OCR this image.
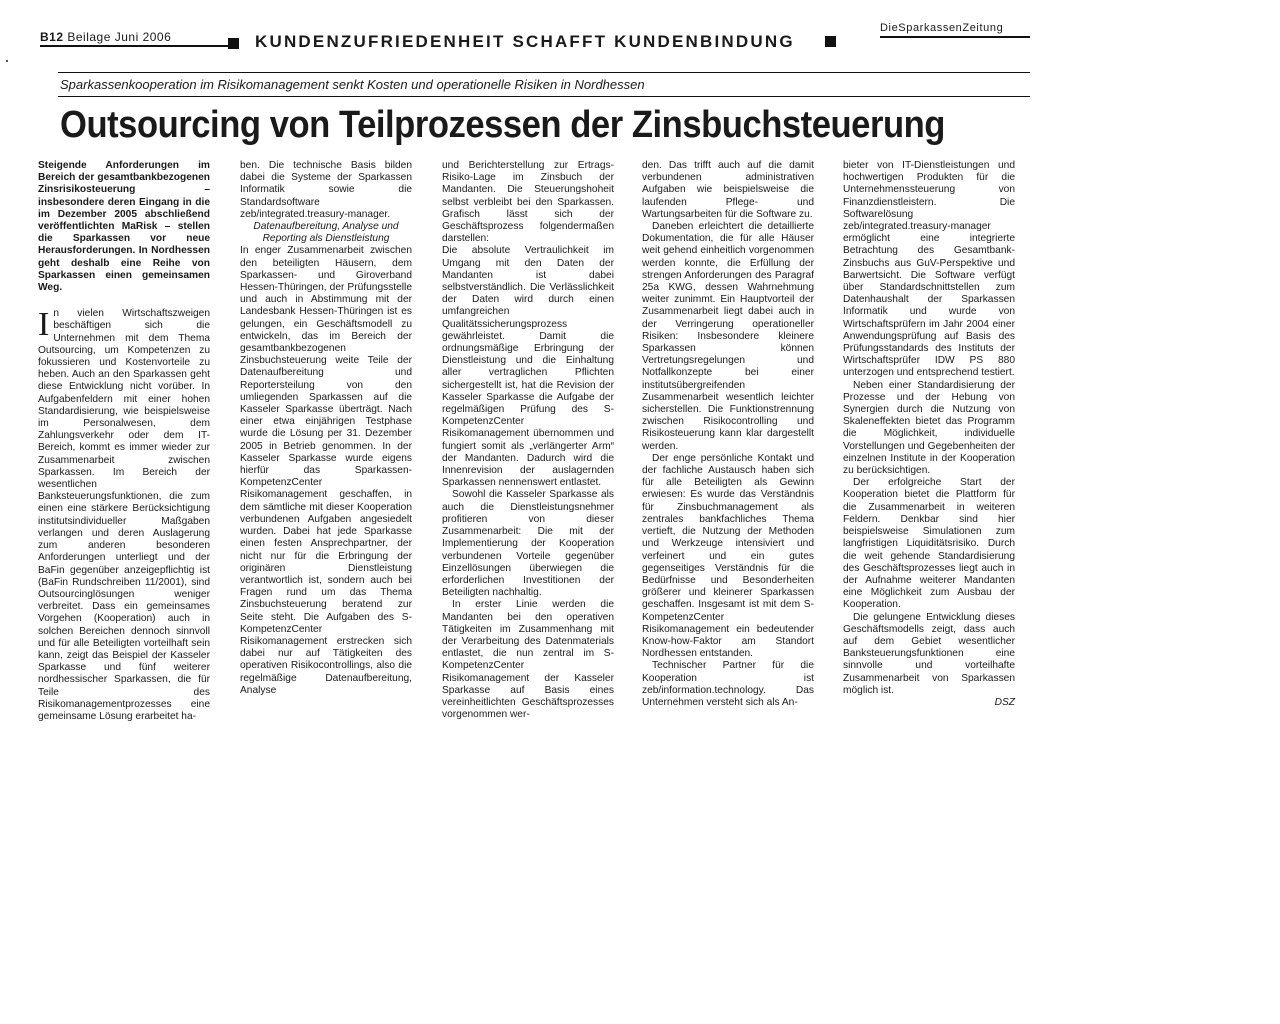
B12 Beilage Juni 2006	KUNDENZUFRIEDENHEIT SCHAFFT KUNDENBINDUNG
DieSparkassenZeitung
Sparkassenkooperation im Risikomanagement senkt Kosten und operationelle Risiken in Nordhessen
Outsourcing von Teilprozessen der Zinsbuchsteuerung

Steigende Anforderungen im Bereich der gesamtbankbezogenen Zinsrisikosteuerung – insbesondere deren Eingang in die im Dezember 2005 abschließend veröffentlichten MaRisk – stellen die Sparkassen vor neue Herausforderungen. In Nordhessen geht deshalb eine Reihe von Sparkassen einen gemeinsamen Weg.

In vielen Wirtschaftszweigen beschäftigen sich die Unternehmen mit dem Thema Outsourcing, um Kompetenzen zu fokussieren und Kostenvorteile zu heben. Auch an den Sparkassen geht diese Entwicklung nicht vorüber. In Aufgabenfeldern mit einer hohen Standardisierung, wie beispielsweise im Personalwesen, dem Zahlungsverkehr oder dem IT-Bereich, kommt es immer wieder zur Zusammenarbeit zwischen Sparkassen. Im Bereich der wesentlichen Banksteuerungsfunktionen, die zum einen eine stärkere Berücksichtigung institutsindividueller Maßgaben verlangen und deren Auslagerung zum anderen besonderen Anforderungen unterliegt und der BaFin gegenüber anzeigepflichtig ist (BaFin Rundschreiben 11/2001), sind Outsourcinglösungen weniger verbreitet. Dass ein gemeinsames Vorgehen (Kooperation) auch in solchen Bereichen dennoch sinnvoll und für alle Beteiligten vorteilhaft sein kann, zeigt das Beispiel der Kasseler Sparkasse und fünf weiterer nordhessischer Sparkassen, die für Teile des Risikomanagementprozesses eine gemeinsame Lösung erarbeitet ha-

ben. Die technische Basis bilden dabei die Systeme der Sparkassen Informatik sowie die Standardsoftware zeb/integrated.treasury-manager.

Datenaufbereitung, Analyse und Reporting als Dienstleistung

In enger Zusammenarbeit zwischen den beteiligten Häusern, dem Sparkassen- und Giroverband Hessen-Thüringen, der Prüfungsstelle und auch in Abstimmung mit der Landesbank Hessen-Thüringen ist es gelungen, ein Geschäftsmodell zu entwickeln, das im Bereich der gesamtbankbezogenen Zinsbuchsteuerung weite Teile der Datenaufbereitung und Reportersteilung von den umliegenden Sparkassen auf die Kasseler Sparkasse überträgt. Nach einer etwa einjährigen Testphase wurde die Lösung per 31. Dezember 2005 in Betrieb genommen. In der Kasseler Sparkasse wurde eigens hierfür das Sparkassen-KompetenzCenter Risikomanagement geschaffen, in dem sämtliche mit dieser Kooperation verbundenen Aufgaben angesiedelt wurden. Dabei hat jede Sparkasse einen festen Ansprechpartner, der nicht nur für die Erbringung der originären Dienstleistung verantwortlich ist, sondern auch bei Fragen rund um das Thema Zinsbuchsteuerung beratend zur Seite steht. Die Aufgaben des S-KompetenzCenter Risikomanagement erstrecken sich dabei nur auf Tätigkeiten des operativen Risikocontrollings, also die regelmäßige Datenaufbereitung, Analyse

und Berichterstellung zur Ertrags-Risiko-Lage im Zinsbuch der Mandanten. Die Steuerungshoheit selbst verbleibt bei den Sparkassen. Grafisch lässt sich der Geschäftsprozess folgendermaßen darstellen:

Die absolute Vertraulichkeit im Umgang mit den Daten der Mandanten ist dabei selbstverständlich. Die Verlässlichkeit der Daten wird durch einen umfangreichen Qualitätssicherungsprozess gewährleistet. Damit die ordnungsmäßige Erbringung der Dienstleistung und die Einhaltung aller vertraglichen Pflichten sichergestellt ist, hat die Revision der Kasseler Sparkasse die Aufgabe der regelmäßigen Prüfung des S-KompetenzCenter Risikomanagement übernommen und fungiert somit als „verlängerter Arm“ der Mandanten. Dadurch wird die Innenrevision der auslagernden Sparkassen nennenswert entlastet.

Sowohl die Kasseler Sparkasse als auch die Dienstleistungsnehmer profitieren von dieser Zusammenarbeit: Die mit der Implementierung der Kooperation verbundenen Vorteile gegenüber Einzellösungen überwiegen die erforderlichen Investitionen der Beteiligten nachhaltig.

In erster Linie werden die Mandanten bei den operativen Tätigkeiten im Zusammenhang mit der Verarbeitung des Datenmaterials entlastet, die nun zentral im S-KompetenzCenter Risikomanagement der Kasseler Sparkasse auf Basis eines vereinheitlichten Geschäftsprozesses vorgenommen wer-

den. Das trifft auch auf die damit verbundenen administrativen Aufgaben wie beispielsweise die laufenden Pflege- und Wartungsarbeiten für die Software zu.

Daneben erleichtert die detaillierte Dokumentation, die für alle Häuser weit gehend einheitlich vorgenommen werden konnte, die Erfüllung der strengen Anforderungen des Paragraf 25a KWG, dessen Wahrnehmung weiter zunimmt. Ein Hauptvorteil der Zusammenarbeit liegt dabei auch in der Verringerung operationeller Risiken: Insbesondere kleinere Sparkassen können Vertretungsregelungen und Notfallkonzepte bei einer institutsübergreifenden Zusammenarbeit wesentlich leichter sicherstellen. Die Funktionstrennung zwischen Risikocontrolling und Risikosteuerung kann klar dargestellt werden.

Der enge persönliche Kontakt und der fachliche Austausch haben sich für alle Beteiligten als Gewinn erwiesen: Es wurde das Verständnis für Zinsbuchmanagement als zentrales bankfachliches Thema vertieft, die Nutzung der Methoden und Werkzeuge intensiviert und verfeinert und ein gutes gegenseitiges Verständnis für die Bedürfnisse und Besonderheiten größerer und kleinerer Sparkassen geschaffen. Insgesamt ist mit dem S-KompetenzCenter Risikomanagement ein bedeutender Know-how-Faktor am Standort Nordhessen entstanden.

Technischer Partner für die Kooperation ist zeb/information.technology. Das Unternehmen versteht sich als An-

bieter von IT-Dienstleistungen und hochwertigen Produkten für die Unternehmenssteuerung von Finanzdienstleistern. Die Softwarelösung zeb/integrated.treasury-manager ermöglicht eine integrierte Betrachtung des Gesamtbank-Zinsbuchs aus GuV-Perspektive und Barwertsicht. Die Software verfügt über Standardschnittstellen zum Datenhaushalt der Sparkassen Informatik und wurde von Wirtschaftsprüfern im Jahr 2004 einer Anwendungsprüfung auf Basis des Prüfungsstandards des Instituts der Wirtschaftsprüfer IDW PS 880 unterzogen und entsprechend testiert.

Neben einer Standardisierung der Prozesse und der Hebung von Synergien durch die Nutzung von Skaleneffekten bietet das Programm die Möglichkeit, individuelle Vorstellungen und Gegebenheiten der einzelnen Institute in der Kooperation zu berücksichtigen.

Der erfolgreiche Start der Kooperation bietet die Plattform für die Zusammenarbeit in weiteren Feldern. Denkbar sind hier beispielsweise Simulationen zum langfristigen Liquiditätsrisiko. Durch die weit gehende Standardisierung des Geschäftsprozesses liegt auch in der Aufnahme weiterer Mandanten eine Möglichkeit zum Ausbau der Kooperation.

Die gelungene Entwicklung dieses Geschäftsmodells zeigt, dass auch auf dem Gebiet wesentlicher Banksteuerungsfunktionen eine sinnvolle und vorteilhafte Zusammenarbeit von Sparkassen möglich ist.

DSZ
